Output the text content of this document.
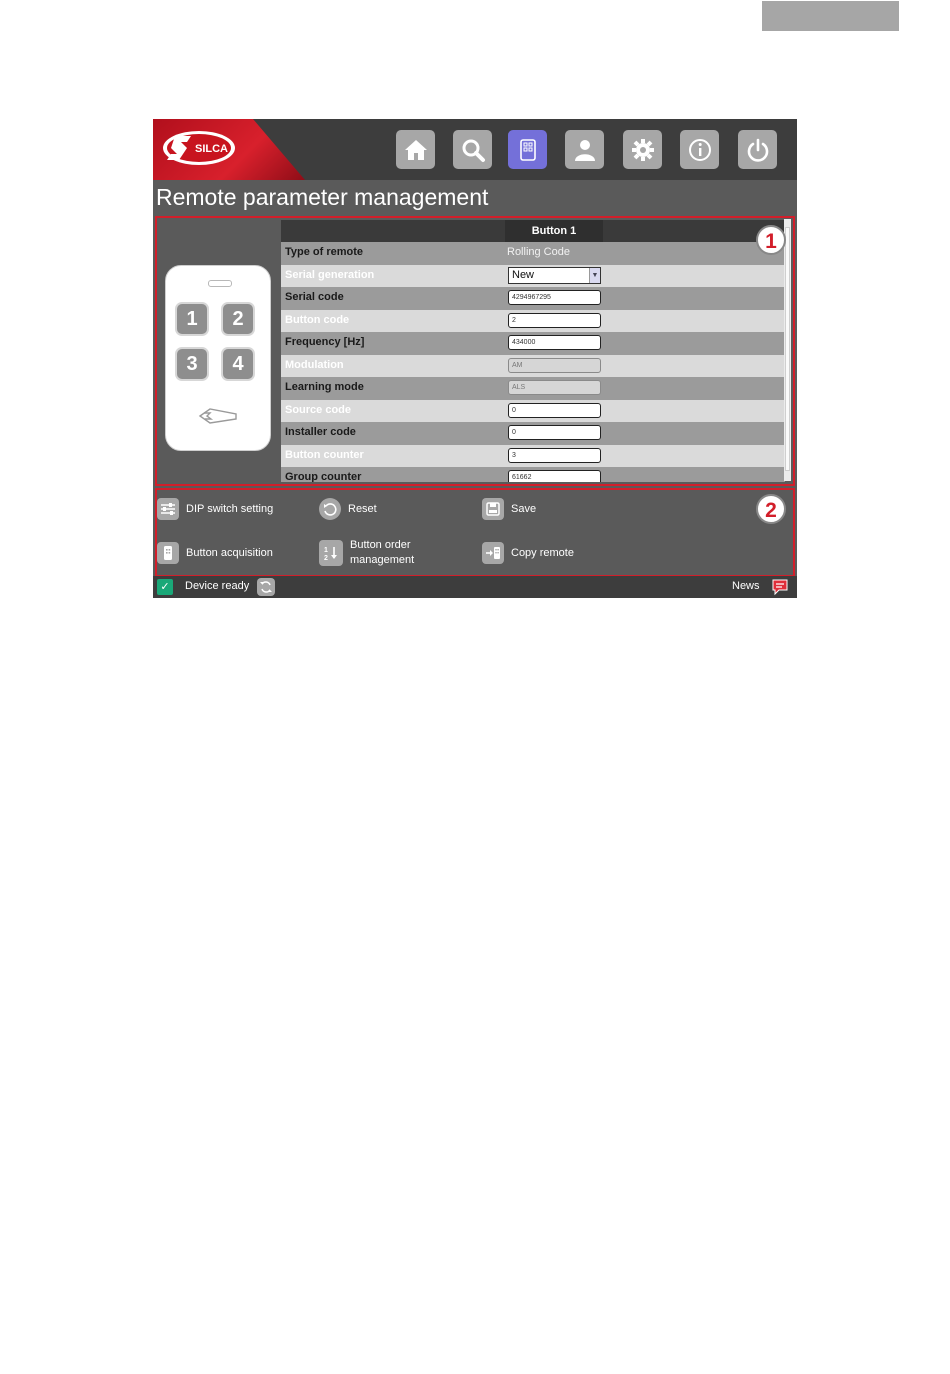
SILCA
Remote parameter management
1	2
3	4
Button 1
Type of remote	Rolling Code
Serial generation	New	▼
Serial code	4294967295
Button code	2
Frequency [Hz]	434000
Modulation	AM
Learning mode	ALS
Source code	0
Installer code	0
Button counter	3
Group counter	61662
1
2
DIP switch setting	Reset	Save
Button acquisition	1
2
Button order
management
Copy remote
✓	Device ready	News
